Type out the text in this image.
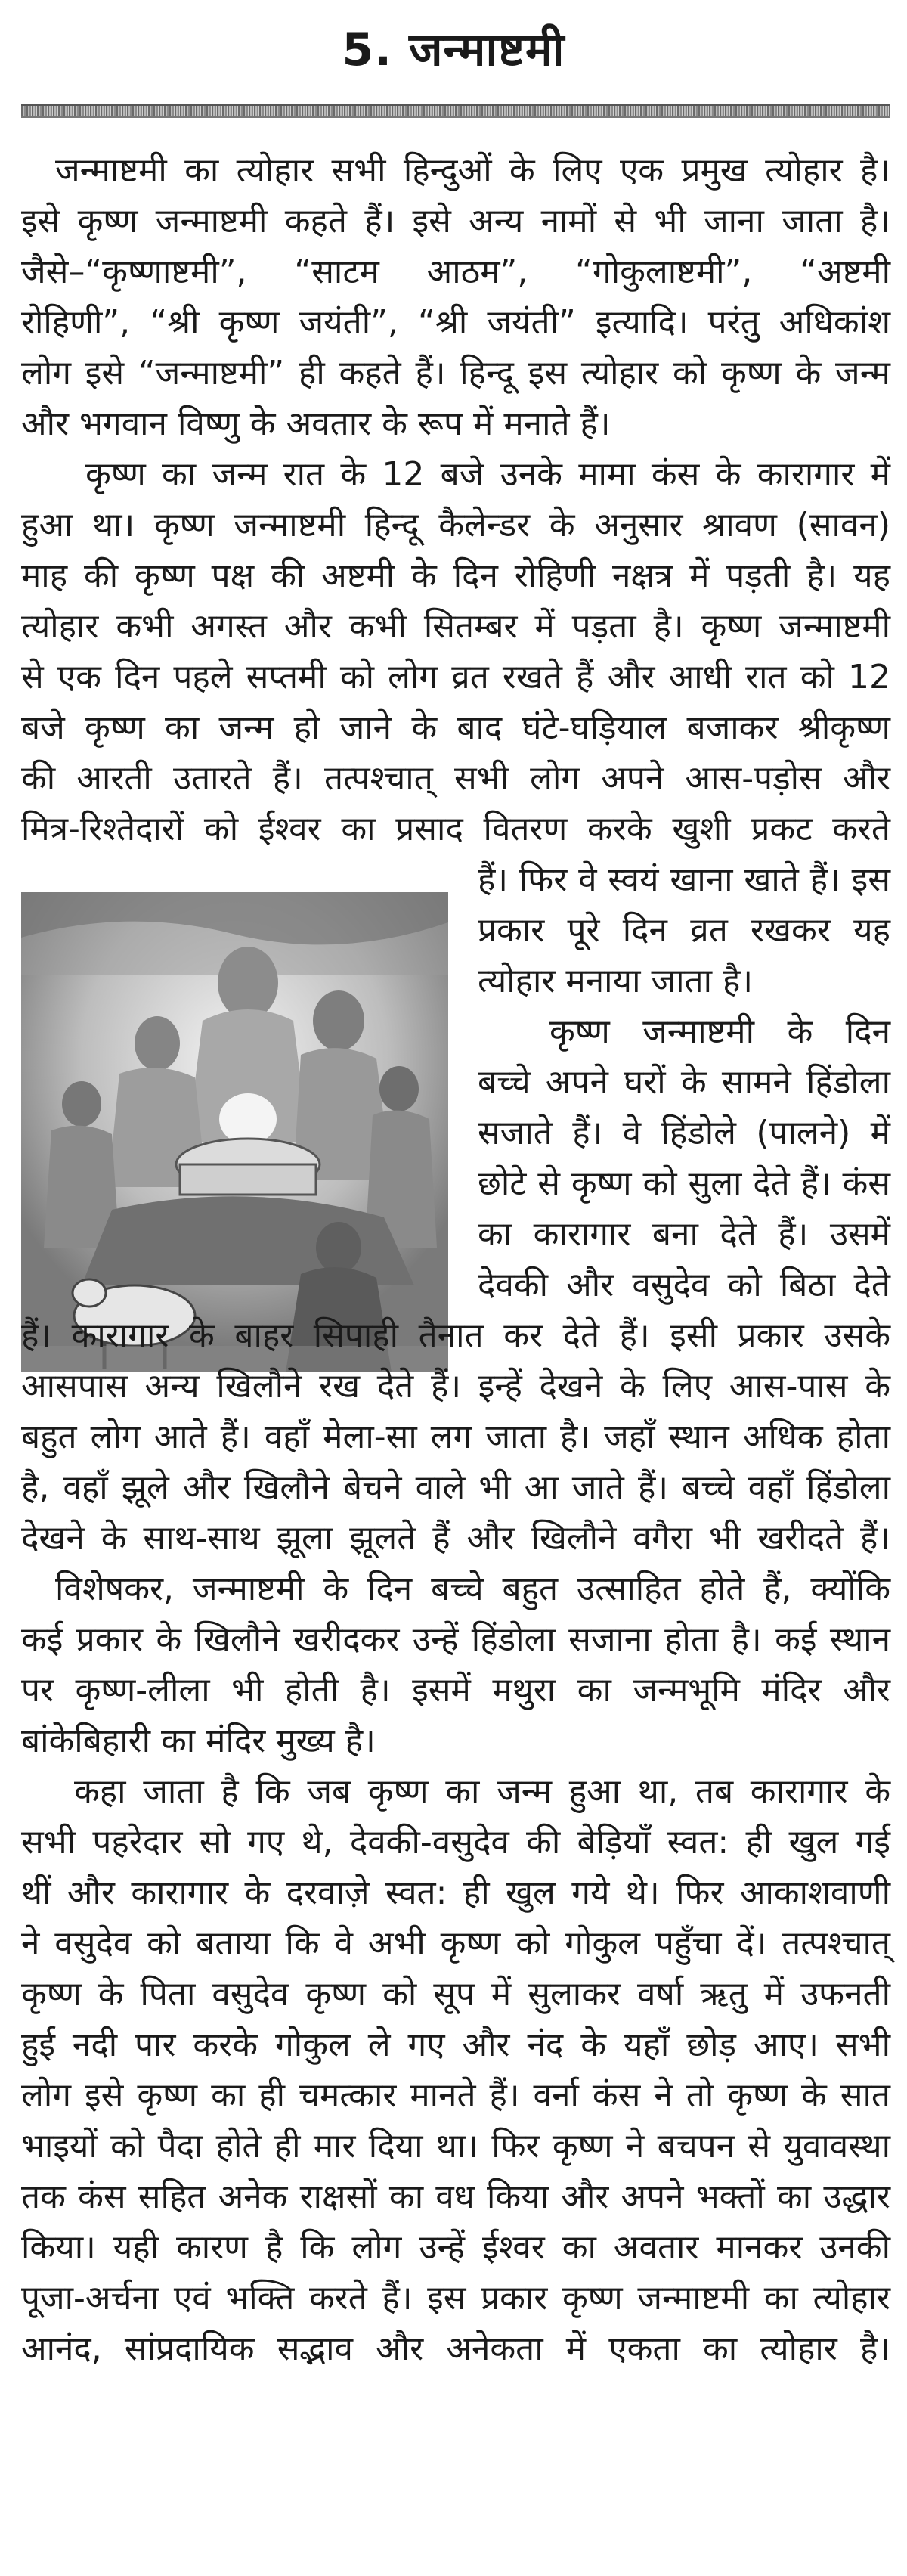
5. जन्माष्टमी

जन्माष्टमी का त्योहार सभी हिन्दुओं के लिए एक प्रमुख त्योहार है।

इसे कृष्ण जन्माष्टमी कहते हैं। इसे अन्य नामों से भी जाना जाता है।

जैसे–“कृष्णाष्टमी”, “साटम आठम”, “गोकुलाष्टमी”, “अष्टमी

रोहिणी”, “श्री कृष्ण जयंती”, “श्री जयंती” इत्यादि। परंतु अधिकांश

लोग इसे “जन्माष्टमी” ही कहते हैं। हिन्दू इस त्योहार को कृष्ण के जन्म

और भगवान विष्णु के अवतार के रूप में मनाते हैं।

कृष्ण का जन्म रात के 12 बजे उनके मामा कंस के कारागार में

हुआ था। कृष्ण जन्माष्टमी हिन्दू कैलेन्डर के अनुसार श्रावण (सावन)

माह की कृष्ण पक्ष की अष्टमी के दिन रोहिणी नक्षत्र में पड़ती है। यह

त्योहार कभी अगस्त और कभी सितम्बर में पड़ता है। कृष्ण जन्माष्टमी

से एक दिन पहले सप्तमी को लोग व्रत रखते हैं और आधी रात को 12

बजे कृष्ण का जन्म हो जाने के बाद घंटे-घड़ियाल बजाकर श्रीकृष्ण

की आरती उतारते हैं। तत्पश्चात् सभी लोग अपने आस-पड़ोस और

मित्र-रिश्तेदारों को ईश्वर का प्रसाद वितरण करके खुशी प्रकट करते

हैं। फिर वे स्वयं खाना खाते हैं। इस

प्रकार पूरे दिन व्रत रखकर यह

त्योहार मनाया जाता है।

कृष्ण जन्माष्टमी के दिन

बच्चे अपने घरों के सामने हिंडोला

सजाते हैं। वे हिंडोले (पालने) में

छोटे से कृष्ण को सुला देते हैं। कंस

का कारागार बना देते हैं। उसमें

देवकी और वसुदेव को बिठा देते

हैं। कारागार के बाहर सिपाही तैनात कर देते हैं। इसी प्रकार उसके

आसपास अन्य खिलौने रख देते हैं। इन्हें देखने के लिए आस-पास के

बहुत लोग आते हैं। वहाँ मेला-सा लग जाता है। जहाँ स्थान अधिक होता

है, वहाँ झूले और खिलौने बेचने वाले भी आ जाते हैं। बच्चे वहाँ हिंडोला

देखने के साथ-साथ झूला झूलते हैं और खिलौने वगैरा भी खरीदते हैं।

विशेषकर, जन्माष्टमी के दिन बच्चे बहुत उत्साहित होते हैं, क्योंकि

कई प्रकार के खिलौने खरीदकर उन्हें हिंडोला सजाना होता है। कई स्थान

पर कृष्ण-लीला भी होती है। इसमें मथुरा का जन्मभूमि मंदिर और

बांकेबिहारी का मंदिर मुख्य है।

कहा जाता है कि जब कृष्ण का जन्म हुआ था, तब कारागार के

सभी पहरेदार सो गए थे, देवकी-वसुदेव की बेड़ियाँ स्वत: ही खुल गई

थीं और कारागार के दरवाज़े स्वत: ही खुल गये थे। फिर आकाशवाणी

ने वसुदेव को बताया कि वे अभी कृष्ण को गोकुल पहुँचा दें। तत्पश्चात्

कृष्ण के पिता वसुदेव कृष्ण को सूप में सुलाकर वर्षा ऋतु में उफनती

हुई नदी पार करके गोकुल ले गए और नंद के यहाँ छोड़ आए। सभी

लोग इसे कृष्ण का ही चमत्कार मानते हैं। वर्ना कंस ने तो कृष्ण के सात

भाइयों को पैदा होते ही मार दिया था। फिर कृष्ण ने बचपन से युवावस्था

तक कंस सहित अनेक राक्षसों का वध किया और अपने भक्तों का उद्धार

किया। यही कारण है कि लोग उन्हें ईश्वर का अवतार मानकर उनकी

पूजा-अर्चना एवं भक्ति करते हैं। इस प्रकार कृष्ण जन्माष्टमी का त्योहार

आनंद, सांप्रदायिक सद्भाव और अनेकता में एकता का त्योहार है।
